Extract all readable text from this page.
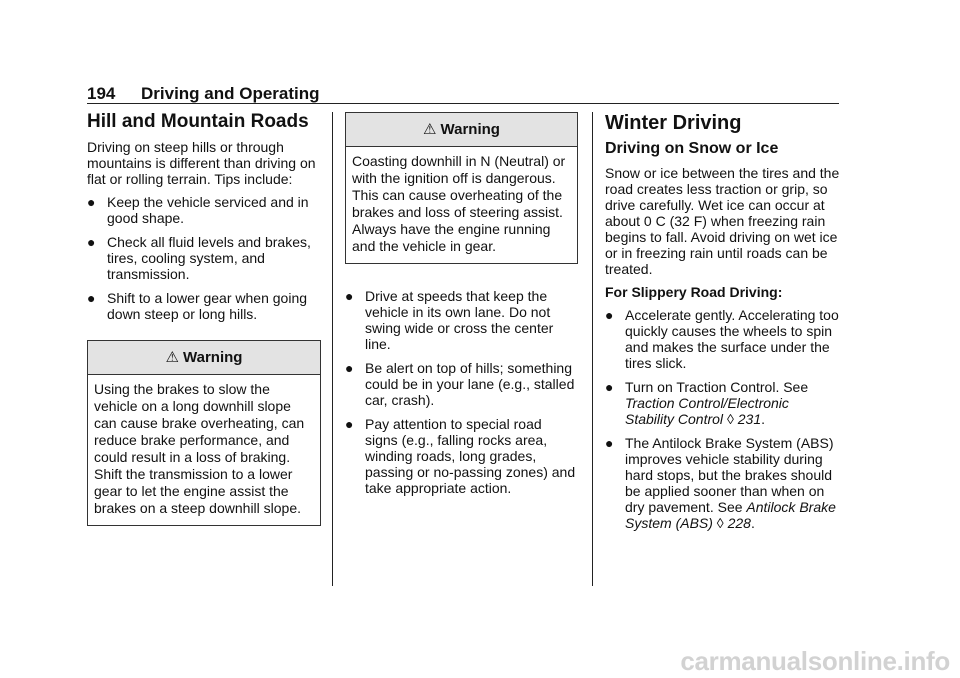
194 Driving and Operating
Hill and Mountain Roads

Driving on steep hills or through mountains is different than driving on flat or rolling terrain. Tips include:

● Keep the vehicle serviced and in good shape.
● Check all fluid levels and brakes, tires, cooling system, and transmission.
● Shift to a lower gear when going down steep or long hills.
⚠ Warning
Using the brakes to slow the vehicle on a long downhill slope can cause brake overheating, can reduce brake performance, and could result in a loss of braking. Shift the transmission to a lower gear to let the engine assist the brakes on a steep downhill slope.
⚠ Warning
Coasting downhill in N (Neutral) or with the ignition off is dangerous. This can cause overheating of the brakes and loss of steering assist. Always have the engine running and the vehicle in gear.
● Drive at speeds that keep the vehicle in its own lane. Do not swing wide or cross the center line.
● Be alert on top of hills; something could be in your lane (e.g., stalled car, crash).
● Pay attention to special road signs (e.g., falling rocks area, winding roads, long grades, passing or no-passing zones) and take appropriate action.
Winter Driving
Driving on Snow or Ice

Snow or ice between the tires and the road creates less traction or grip, so drive carefully. Wet ice can occur at about 0 C (32 F) when freezing rain begins to fall. Avoid driving on wet ice or in freezing rain until roads can be treated.

For Slippery Road Driving:

● Accelerate gently. Accelerating too quickly causes the wheels to spin and makes the surface under the tires slick.
● Turn on Traction Control. See Traction Control/Electronic Stability Control ◊ 231.
● The Antilock Brake System (ABS) improves vehicle stability during hard stops, but the brakes should be applied sooner than when on dry pavement. See Antilock Brake System (ABS) ◊ 228.
carmanualsonline.info
